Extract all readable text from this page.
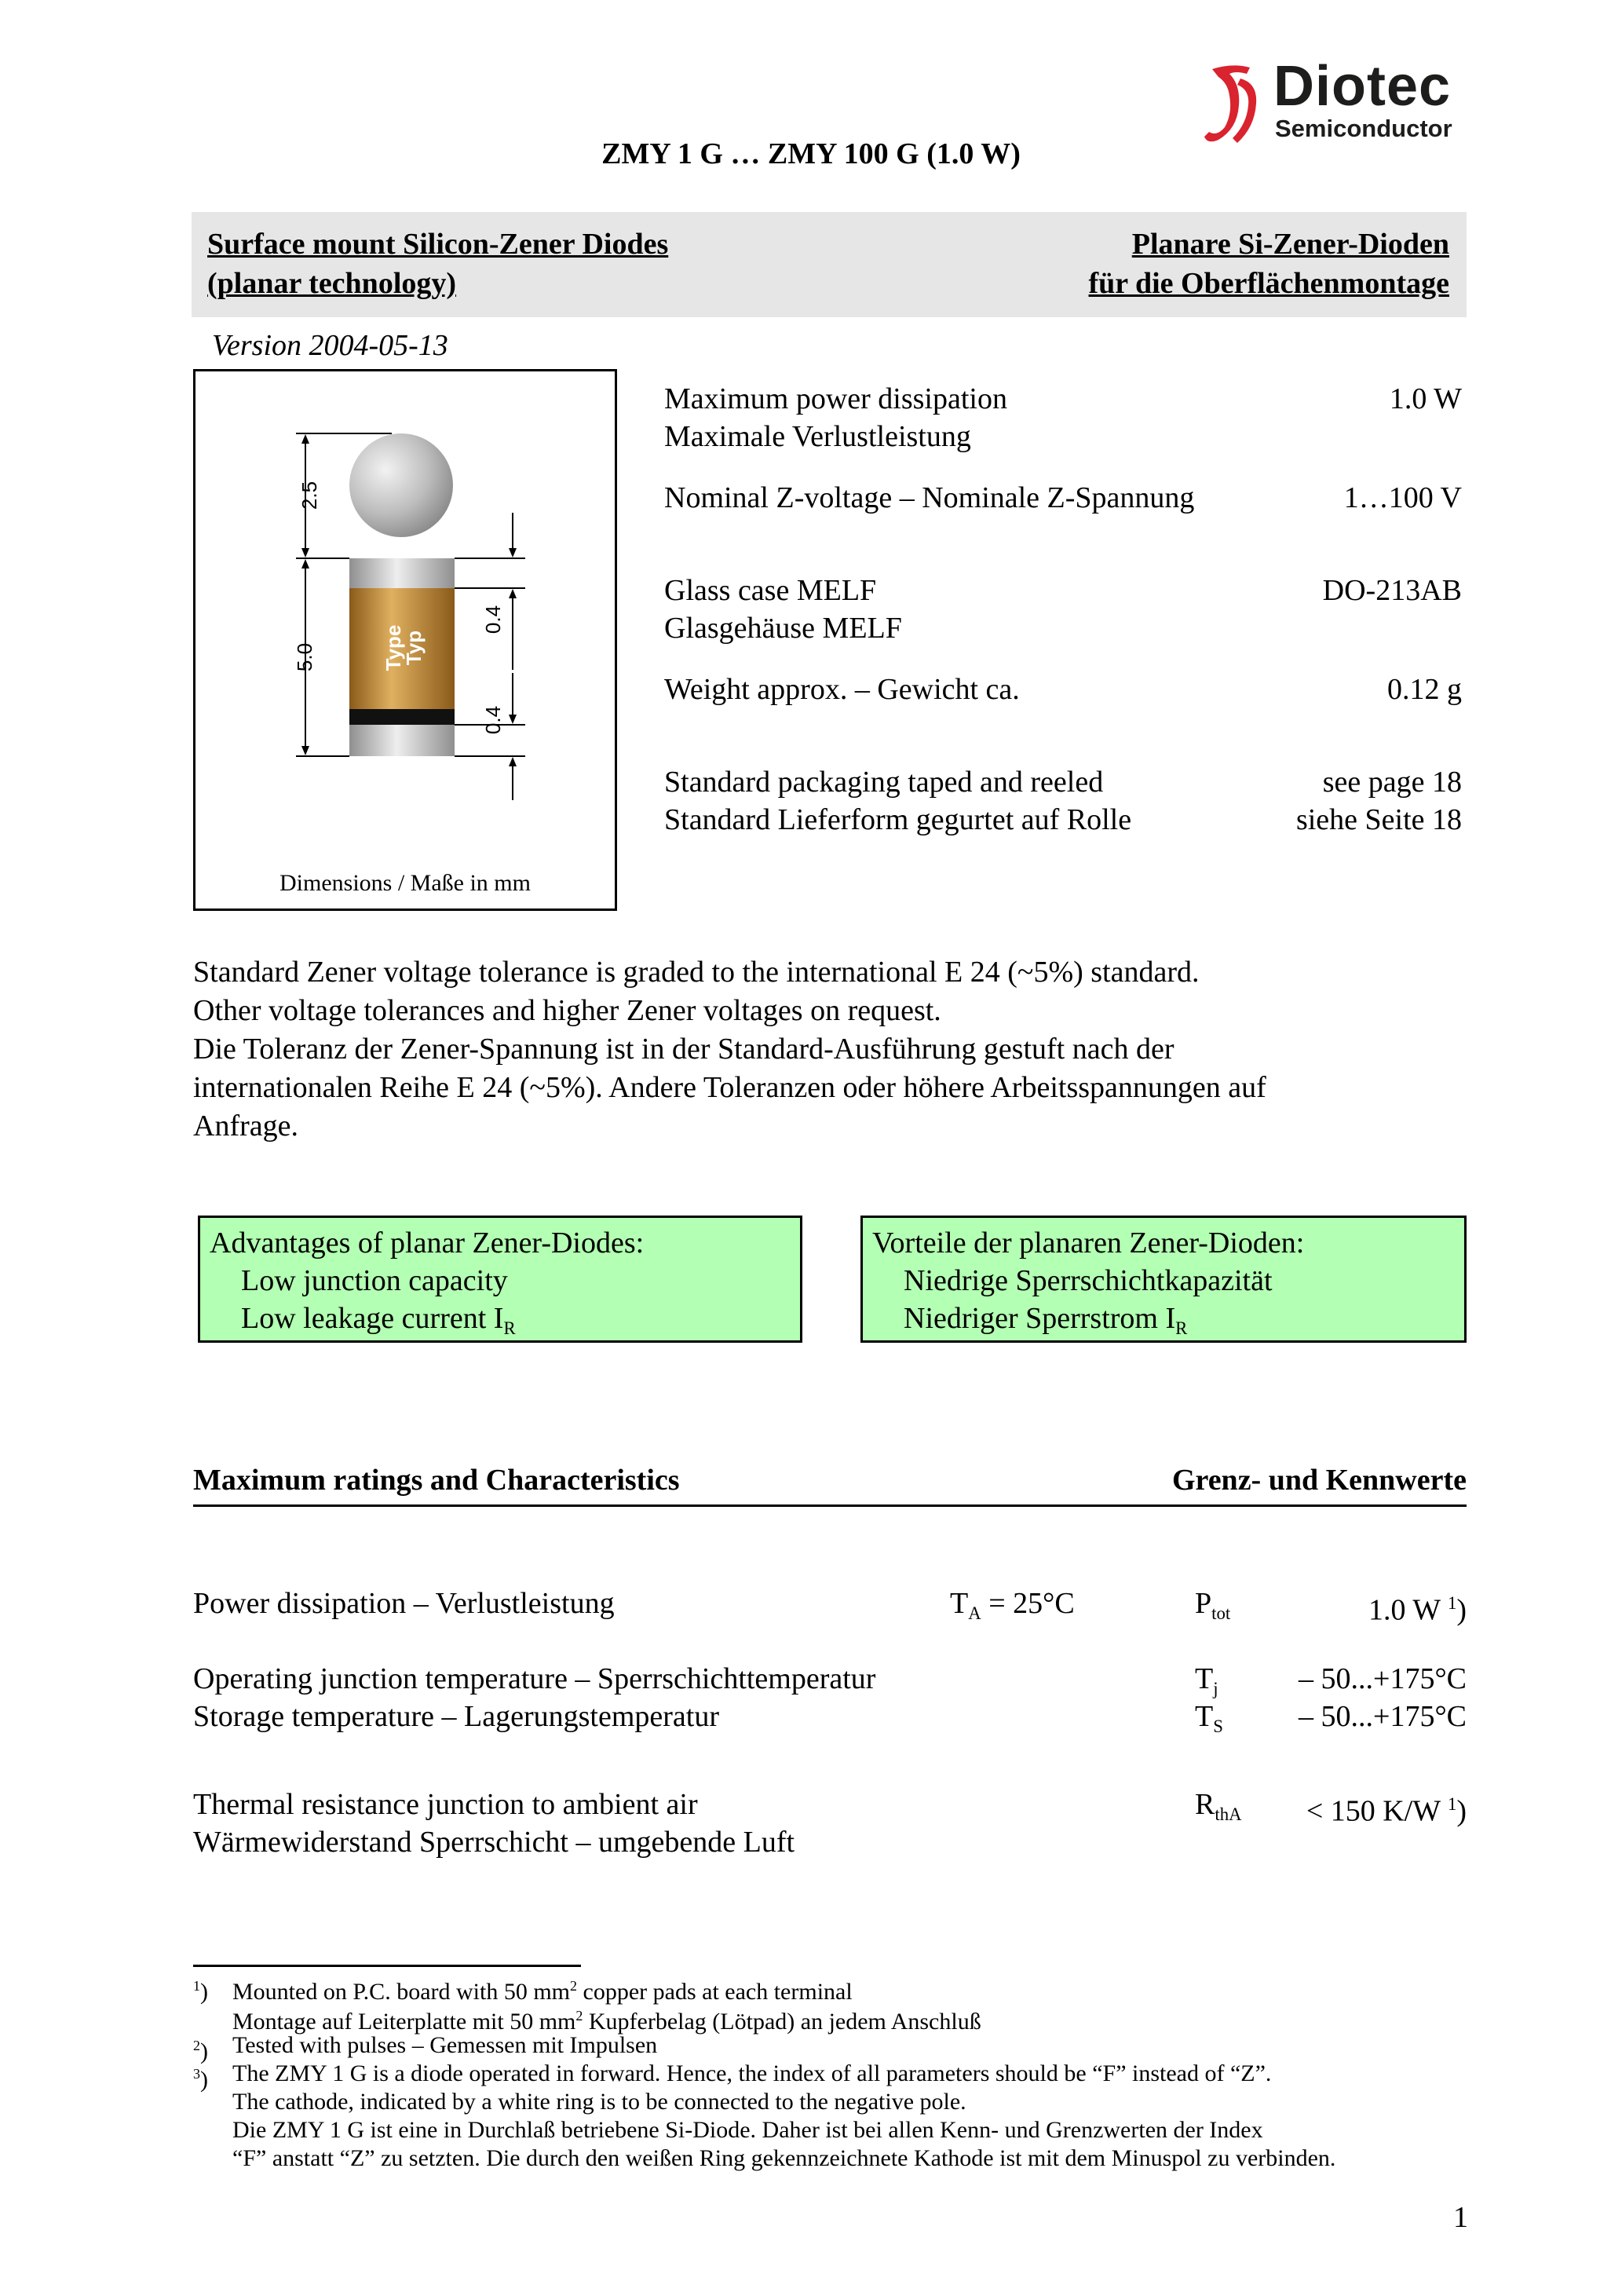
Diotec
Semiconductor
ZMY 1 G … ZMY 100 G (1.0 W)
Surface mount Silicon-Zener Diodes
(planar technology)
Planare Si-Zener-Dioden
für die Oberflächenmontage
Version 2004-05-13
Type
Typ
2.5
5.0
0.4
0.4
Dimensions / Maße in mm
Maximum power dissipation
Maximale Verlustleistung
1.0 W
Nominal Z-voltage – Nominale Z-Spannung	1…100 V
Glass case MELF
Glasgehäuse MELF
DO-213AB
Weight approx. – Gewicht ca.	0.12 g
Standard packaging taped and reeled
Standard Lieferform gegurtet auf Rolle
see page 18
siehe Seite 18
Standard Zener voltage tolerance is graded to the international E 24 (~5%) standard.
Other voltage tolerances and higher Zener voltages on request.
Die Toleranz der Zener-Spannung ist in der Standard-Ausführung gestuft nach der
internationalen Reihe E 24 (~5%). Andere Toleranzen oder höhere Arbeitsspannungen auf
Anfrage.
Advantages of planar Zener-Diodes:
Low junction capacity
Low leakage current $I_R$
Vorteile der planaren Zener-Dioden:
Niedrige Sperrschichtkapazität
Niedriger Sperrstrom $I_R$
Maximum ratings and Characteristics	Grenz- und Kennwerte
Power dissipation – Verlustleistung	$T_A = 25^\circ C$	$P_{tot}$	1.0 W $^1$)
Operating junction temperature – Sperrschichttemperatur	$T_j$	– 50...+175°C
Storage temperature – Lagerungstemperatur	$T_S$	– 50...+175°C
Thermal resistance junction to ambient air	$R_{thA} < 150$ K/W $^1$)
Wärmewiderstand Sperrschicht – umgebende Luft
$^1$) Mounted on P.C. board with 50 $mm^2$ copper pads at each terminal
Montage auf Leiterplatte mit 50 $mm^2$ Kupferbelag (Lötpad) an jedem Anschluß
$^2$) Tested with pulses – Gemessen mit Impulsen
$^3$) The ZMY 1 G is a diode operated in forward. Hence, the index of all parameters should be “F” instead of “Z”.
The cathode, indicated by a white ring is to be connected to the negative pole.
Die ZMY 1 G ist eine in Durchlaß betriebene Si-Diode. Daher ist bei allen Kenn- und Grenzwerten der Index
“F” anstatt “Z” zu setzten. Die durch den weißen Ring gekennzeichnete Kathode ist mit dem Minuspol zu verbinden.
1
